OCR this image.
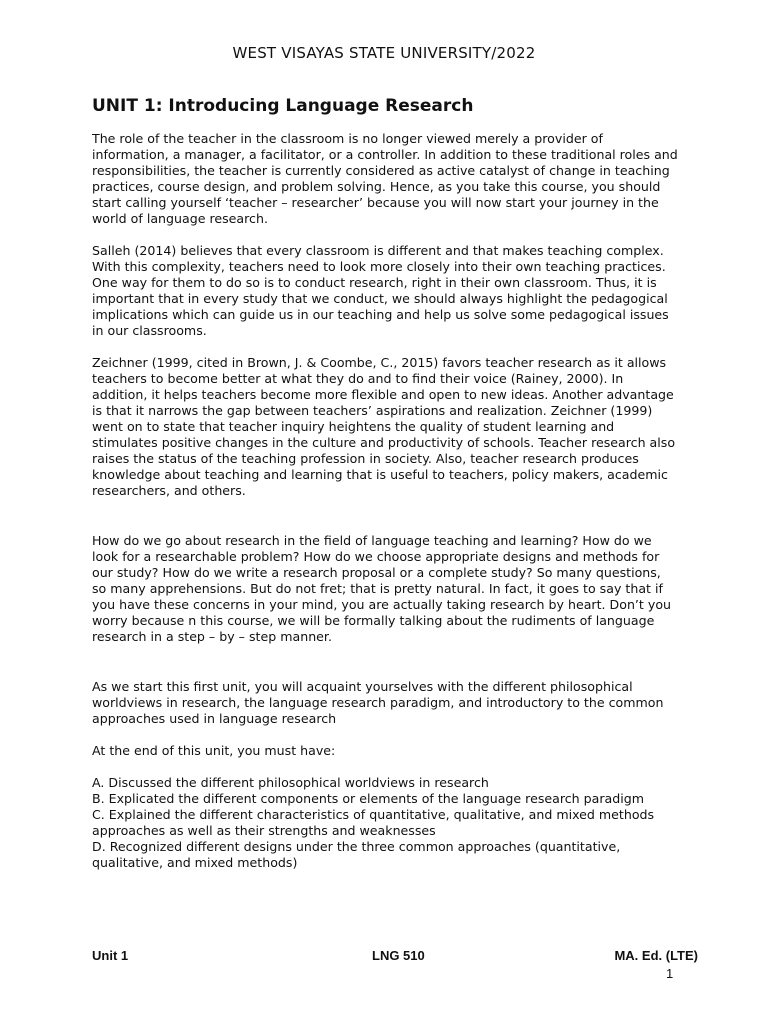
WEST VISAYAS STATE UNIVERSITY/2022
UNIT 1: Introducing Language Research

The role of the teacher in the classroom is no longer viewed merely a provider of information, a manager, a facilitator, or a controller. In addition to these traditional roles and responsibilities, the teacher is currently considered as active catalyst of change in teaching practices, course design, and problem solving. Hence, as you take this course, you should start calling yourself ‘teacher – researcher’ because you will now start your journey in the world of language research.

Salleh (2014) believes that every classroom is different and that makes teaching complex. With this complexity, teachers need to look more closely into their own teaching practices. One way for them to do so is to conduct research, right in their own classroom. Thus, it is important that in every study that we conduct, we should always highlight the pedagogical implications which can guide us in our teaching and help us solve some pedagogical issues in our classrooms.

Zeichner (1999, cited in Brown, J. & Coombe, C., 2015) favors teacher research as it allows teachers to become better at what they do and to find their voice (Rainey, 2000). In addition, it helps teachers become more flexible and open to new ideas. Another advantage is that it narrows the gap between teachers’ aspirations and realization. Zeichner (1999) went on to state that teacher inquiry heightens the quality of student learning and stimulates positive changes in the culture and productivity of schools. Teacher research also raises the status of the teaching profession in society. Also, teacher research produces knowledge about teaching and learning that is useful to teachers, policy makers, academic researchers, and others.

How do we go about research in the field of language teaching and learning? How do we look for a researchable problem? How do we choose appropriate designs and methods for our study? How do we write a research proposal or a complete study? So many questions, so many apprehensions. But do not fret; that is pretty natural. In fact, it goes to say that if you have these concerns in your mind, you are actually taking research by heart. Don’t you worry because n this course, we will be formally talking about the rudiments of language research in a step – by – step manner.

As we start this first unit, you will acquaint yourselves with the different philosophical worldviews in research, the language research paradigm, and introductory to the common approaches used in language research

At the end of this unit, you must have:

A. Discussed the different philosophical worldviews in research

B. Explicated the different components or elements of the language research paradigm

C. Explained the different characteristics of quantitative, qualitative, and mixed methods approaches as well as their strengths and weaknesses

D. Recognized different designs under the three common approaches (quantitative, qualitative, and mixed methods)

Unit 1	LNG 510	MA. Ed. (LTE)
1
